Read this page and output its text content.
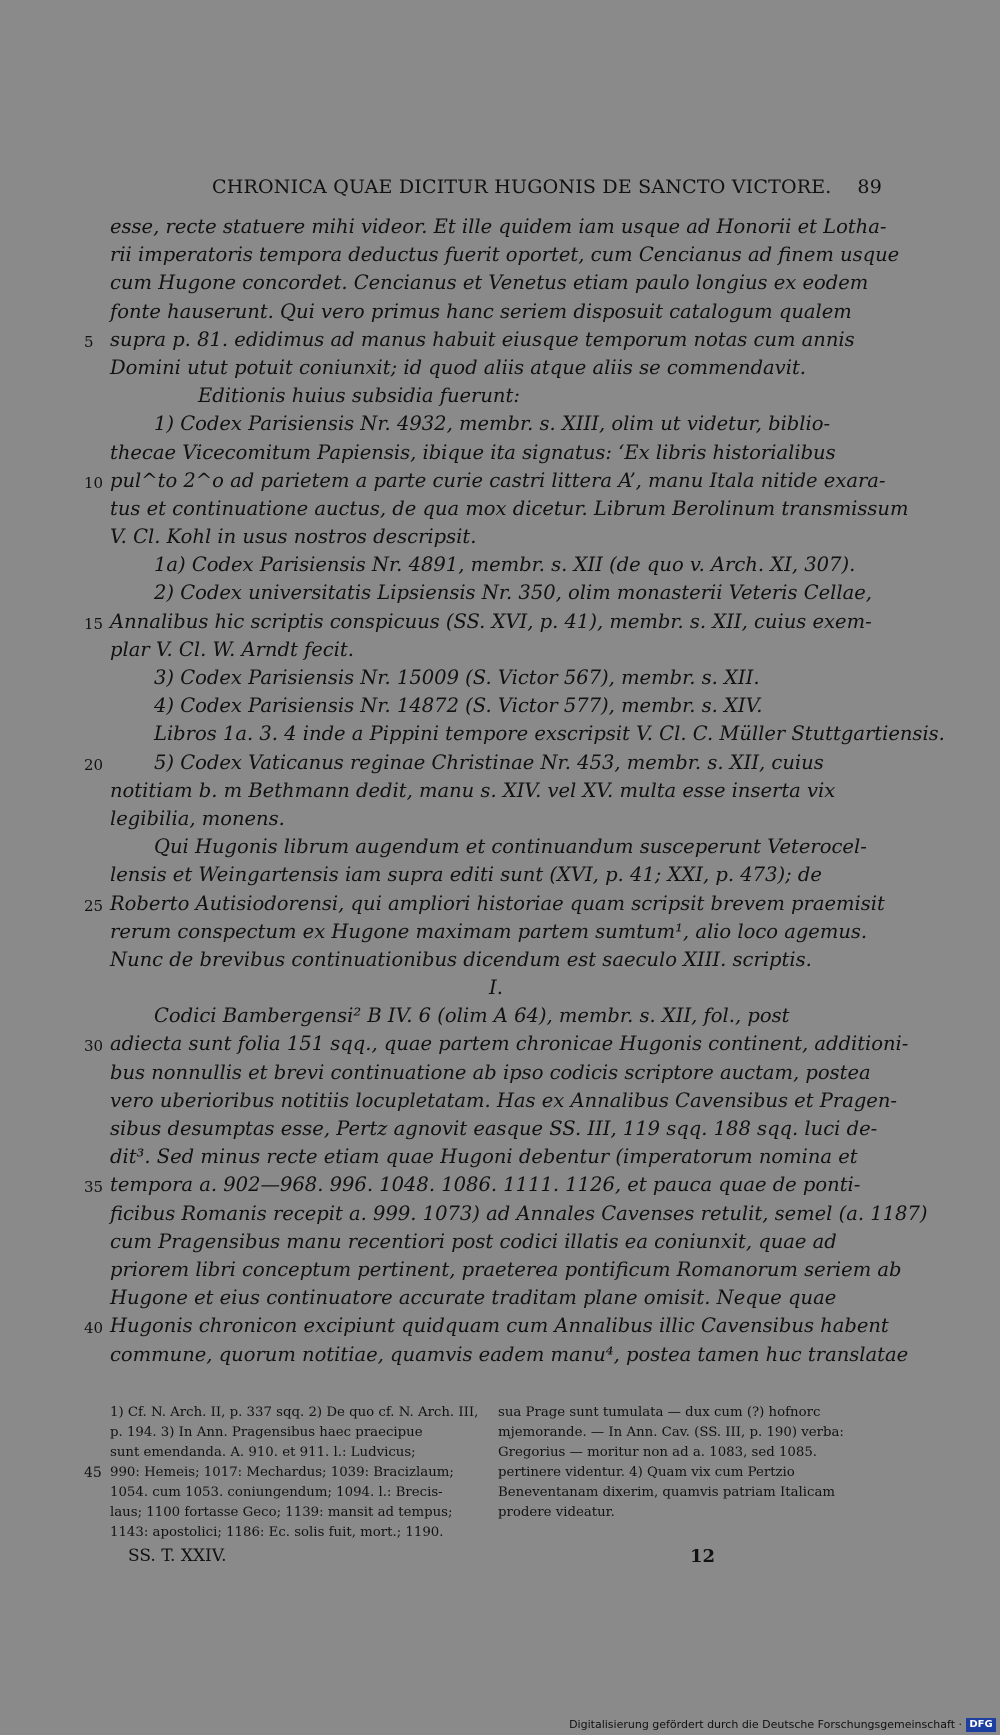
CHRONICA QUAE DICITUR HUGONIS DE SANCTO VICTORE. 89
esse, recte statuere mihi videor. Et ille quidem iam usque ad Honorii et Lotha-
rii imperatoris tempora deductus fuerit oportet, cum Cencianus ad finem usque
cum Hugone concordet. Cencianus et Venetus etiam paulo longius ex eodem
fonte hauserunt. Qui vero primus hanc seriem disposuit catalogum qualem
5 supra p. 81. edidimus ad manus habuit eiusque temporum notas cum annis
Domini utut potuit coniunxit; id quod aliis atque aliis se commendavit.
Editionis huius subsidia fuerunt:
1) Codex Parisiensis Nr. 4932, membr. s. XIII, olim ut videtur, biblio-
thecae Vicecomitum Papiensis, ibique ita signatus: ‘Ex libris historialibus
10 pul^to 2^o ad parietem a parte curie castri littera A’, manu Itala nitide exara-
tus et continuatione auctus, de qua mox dicetur. Librum Berolinum transmissum
V. Cl. Kohl in usus nostros descripsit.
1a) Codex Parisiensis Nr. 4891, membr. s. XII (de quo v. Arch. XI, 307).
2) Codex universitatis Lipsiensis Nr. 350, olim monasterii Veteris Cellae,
15 Annalibus hic scriptis conspicuus (SS. XVI, p. 41), membr. s. XII, cuius exem-
plar V. Cl. W. Arndt fecit.
3) Codex Parisiensis Nr. 15009 (S. Victor 567), membr. s. XII.
4) Codex Parisiensis Nr. 14872 (S. Victor 577), membr. s. XIV.
Libros 1a. 3. 4 inde a Pippini tempore exscripsit V. Cl. C. Müller Stuttgartiensis.
20	5) Codex Vaticanus reginae Christinae Nr. 453, membr. s. XII, cuius
notitiam b. m Bethmann dedit, manu s. XIV. vel XV. multa esse inserta vix
legibilia, monens.
Qui Hugonis librum augendum et continuandum susceperunt Veterocel-
lensis et Weingartensis iam supra editi sunt (XVI, p. 41; XXI, p. 473); de
25 Roberto Autisiodorensi, qui ampliori historiae quam scripsit brevem praemisit
rerum conspectum ex Hugone maximam partem sumtum¹, alio loco agemus.
Nunc de brevibus continuationibus dicendum est saeculo XIII. scriptis.
I.
Codici Bambergensi² B IV. 6 (olim A 64), membr. s. XII, fol., post
30 adiecta sunt folia 151 sqq., quae partem chronicae Hugonis continent, additioni-
bus nonnullis et brevi continuatione ab ipso codicis scriptore auctam, postea
vero uberioribus notitiis locupletatam. Has ex Annalibus Cavensibus et Pragen-
sibus desumptas esse, Pertz agnovit easque SS. III, 119 sqq. 188 sqq. luci de-
dit³. Sed minus recte etiam quae Hugoni debentur (imperatorum nomina et
35 tempora a. 902—968. 996. 1048. 1086. 1111. 1126, et pauca quae de ponti-
ficibus Romanis recepit a. 999. 1073) ad Annales Cavenses retulit, semel (a. 1187)
cum Pragensibus manu recentiori post codici illatis ea coniunxit, quae ad
priorem libri conceptum pertinent, praeterea pontificum Romanorum seriem ab
Hugone et eius continuatore accurate traditam plane omisit. Neque quae
40 Hugonis chronicon excipiunt quidquam cum Annalibus illic Cavensibus habent
commune, quorum notitiae, quamvis eadem manu⁴, postea tamen huc translatae
1) Cf. N. Arch. II, p. 337 sqq. 2) De quo cf. N. Arch. III,
p. 194. 3) In Ann. Pragensibus haec praecipue
sunt emendanda. A. 910. et 911. l.: Ludvicus;
45 990: Hemeis; 1017: Mechardus; 1039: Bracizlaum;
1054. cum 1053. coniungendum; 1094. l.: Brecis-
laus; 1100 fortasse Geco; 1139: mansit ad tempus;
1143: apostolici; 1186: Ec. solis fuit, mort.; 1190.
sua Prage sunt tumulata — dux cum (?) hofnorc
mjemorande. — In Ann. Cav. (SS. III, p. 190) verba:
Gregorius — moritur non ad a. 1083, sed 1085.
pertinere videntur. 4) Quam vix cum Pertzio
Beneventanam dixerim, quamvis patriam Italicam
prodere videatur.
SS. T. XXIV.	12
Digitalisierung gefördert durch die Deutsche Forschungsgemeinschaft · DFG
